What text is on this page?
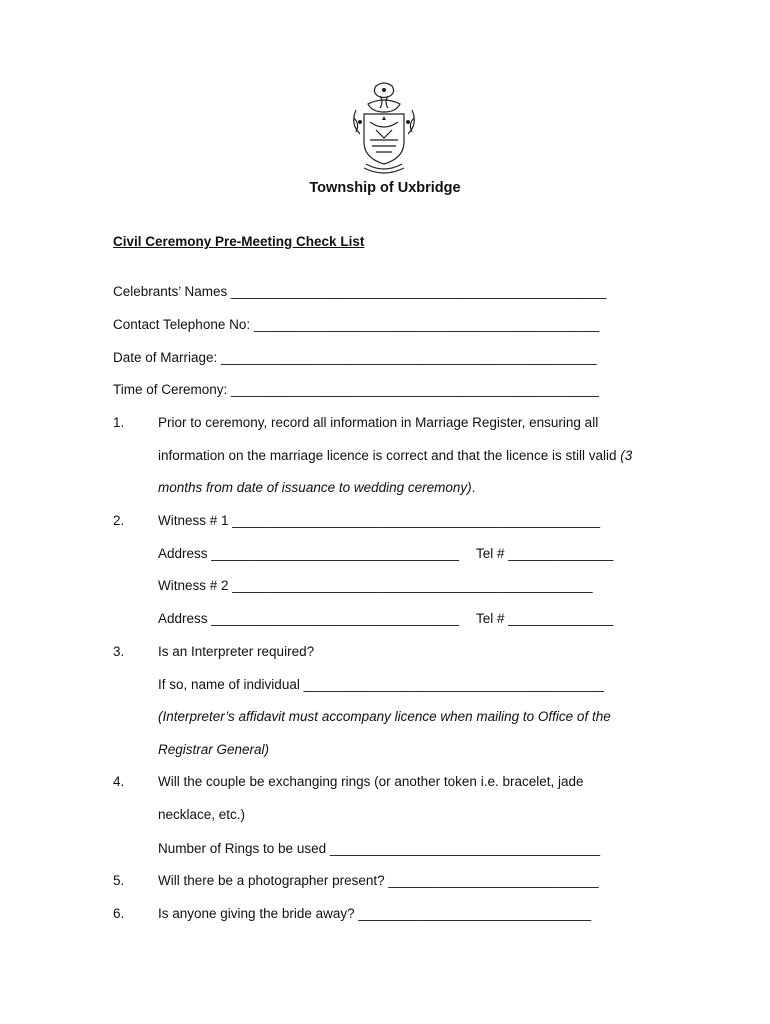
Township of Uxbridge
Civil Ceremony Pre-Meeting Check List
Celebrants’ Names __________________________________________________
Contact Telephone No: ______________________________________________
Date of Marriage: __________________________________________________
Time of Ceremony: _________________________________________________
1. Prior to ceremony, record all information in Marriage Register, ensuring all
information on the marriage licence is correct and that the licence is still valid (3
months from date of issuance to wedding ceremony).
2. Witness # 1 _________________________________________________
Address _________________________________ Tel # ______________
Witness # 2 ________________________________________________
Address _________________________________ Tel # ______________
3. Is an Interpreter required?
If so, name of individual ________________________________________
(Interpreter’s affidavit must accompany licence when mailing to Office of the
Registrar General)
4. Will the couple be exchanging rings (or another token i.e. bracelet, jade
necklace, etc.)
Number of Rings to be used ____________________________________
5. Will there be a photographer present? ____________________________
6. Is anyone giving the bride away? _______________________________
